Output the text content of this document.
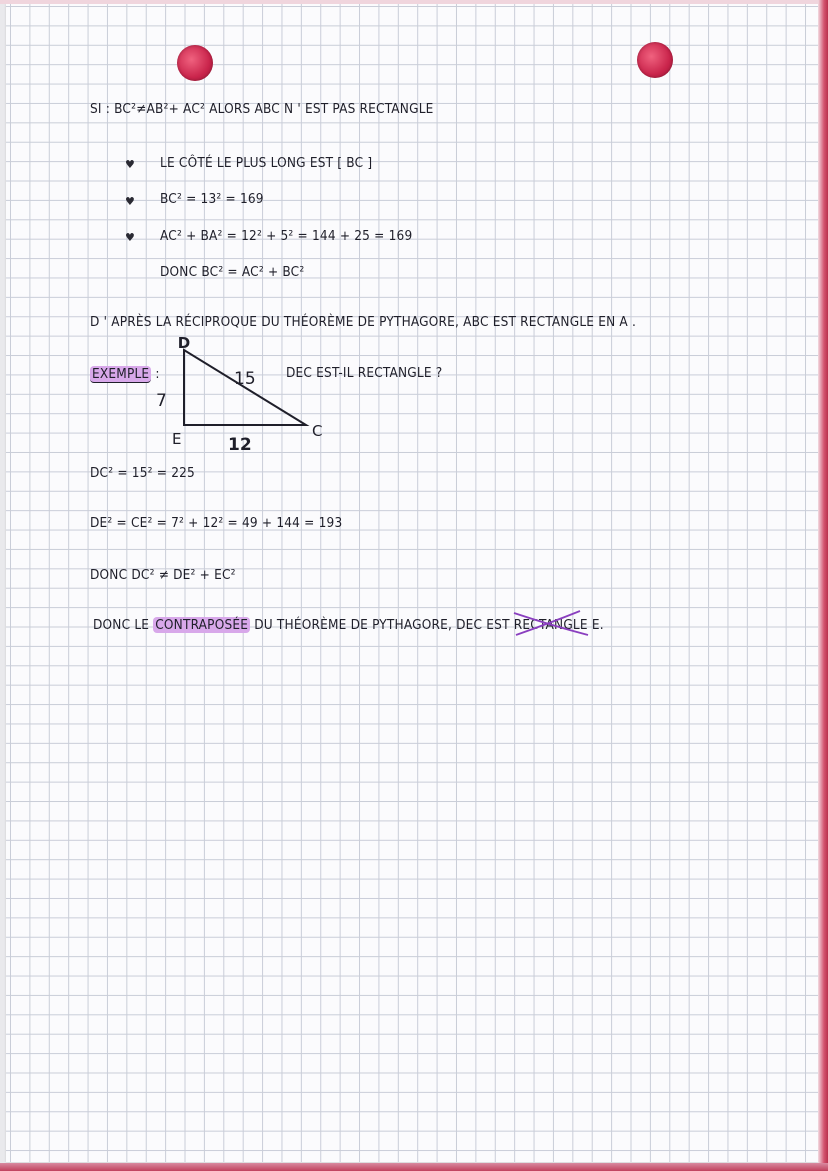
SI : BC²≠AB²+ AC² ALORS ABC N ' EST PAS RECTANGLE
♥ LE CÔTÉ LE PLUS LONG EST [ BC ]
♥ BC² = 13² = 169
♥ AC² + BA² = 12² + 5² = 144 + 25 = 169
DONC BC² = AC² + BC²
D ' APRÈS LA RÉCIPROQUE DU THÉORÈME DE PYTHAGORE, ABC EST RECTANGLE EN A .
EXEMPLE :	DEC EST-IL RECTANGLE ?
D
E	C
15
7
12
DC² = 15² = 225
DE² = CE² = 7² + 12² = 49 + 144 = 193
DONC DC² ≠ DE² + EC²
DONC LE CONTRAPOSÉE DU THÉORÈME DE PYTHAGORE, DEC EST RECTANGLE E.
